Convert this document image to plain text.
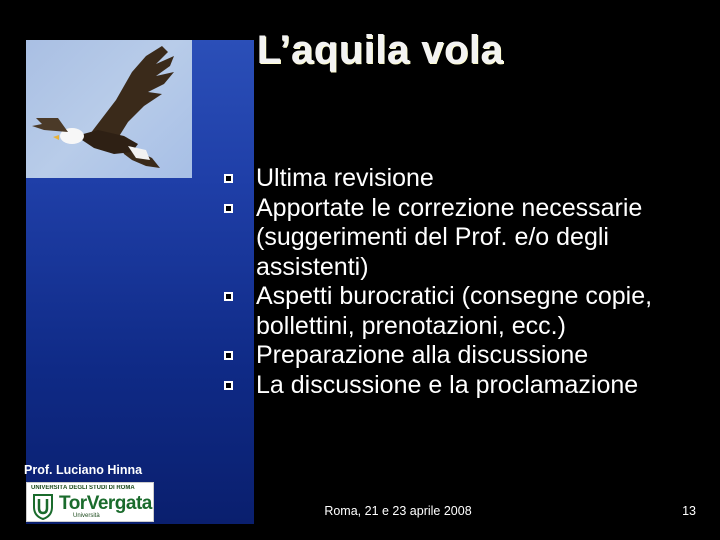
L’aquila vola

Ultima revisione

Apportate le correzione necessarie (suggerimenti del Prof. e/o degli assistenti)

Aspetti burocratici (consegne copie, bollettini, prenotazioni, ecc.)

Preparazione alla discussione

La discussione e la proclamazione

Prof. Luciano Hinna
UNIVERSITÀ DEGLI STUDI DI ROMA
TorVergata
Università	Roma, 21 e 23 aprile 2008	13
